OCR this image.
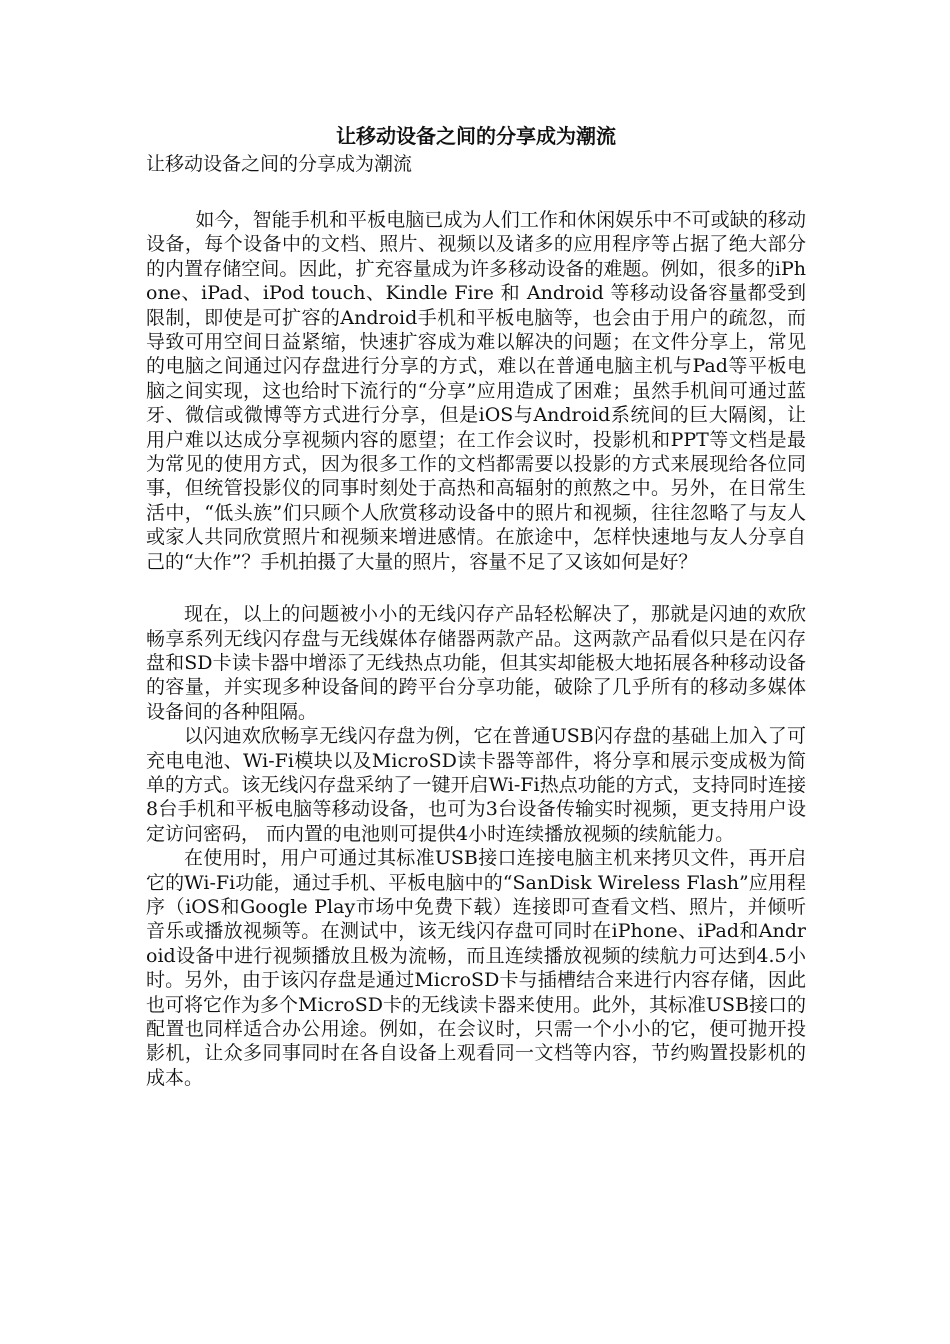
让移动设备之间的分享成为潮流

让移动设备之间的分享成为潮流

如今，智能手机和平板电脑已成为人们工作和休闲娱乐中不可或缺的移动设备，每个设备中的文档、照片、视频以及诸多的应用程序等占据了绝大部分的内置存储空间。因此，扩充容量成为许多移动设备的难题。例如，很多的iPhone、iPad、iPod touch、Kindle Fire 和 Android 等移动设备容量都受到限制，即使是可扩容的Android手机和平板电脑等，也会由于用户的疏忽，而导致可用空间日益紧缩，快速扩容成为难以解决的问题；在文件分享上，常见的电脑之间通过闪存盘进行分享的方式，难以在普通电脑主机与Pad等平板电脑之间实现，这也给时下流行的“分享”应用造成了困难；虽然手机间可通过蓝牙、微信或微博等方式进行分享，但是iOS与Android系统间的巨大隔阂，让用户难以达成分享视频内容的愿望；在工作会议时，投影机和PPT等文档是最为常见的使用方式，因为很多工作的文档都需要以投影的方式来展现给各位同事，但统管投影仪的同事时刻处于高热和高辐射的煎熬之中。另外，在日常生活中，“低头族”们只顾个人欣赏移动设备中的照片和视频，往往忽略了与友人或家人共同欣赏照片和视频来增进感情。在旅途中，怎样快速地与友人分享自己的“大作”？手机拍摄了大量的照片，容量不足了又该如何是好？

现在，以上的问题被小小的无线闪存产品轻松解决了，那就是闪迪的欢欣畅享系列无线闪存盘与无线媒体存储器两款产品。这两款产品看似只是在闪存盘和SD卡读卡器中增添了无线热点功能，但其实却能极大地拓展各种移动设备的容量，并实现多种设备间的跨平台分享功能，破除了几乎所有的移动多媒体设备间的各种阻隔。

以闪迪欢欣畅享无线闪存盘为例，它在普通USB闪存盘的基础上加入了可充电电池、Wi-Fi模块以及MicroSD读卡器等部件，将分享和展示变成极为简单的方式。该无线闪存盘采纳了一键开启Wi-Fi热点功能的方式，支持同时连接8台手机和平板电脑等移动设备，也可为3台设备传输实时视频，更支持用户设定访问密码， 而内置的电池则可提供4小时连续播放视频的续航能力。

在使用时，用户可通过其标准USB接口连接电脑主机来拷贝文件，再开启它的Wi-Fi功能，通过手机、平板电脑中的“SanDisk Wireless Flash”应用程序（iOS和Google Play市场中免费下载）连接即可查看文档、照片，并倾听音乐或播放视频等。在测试中，该无线闪存盘可同时在iPhone、iPad和Android设备中进行视频播放且极为流畅，而且连续播放视频的续航力可达到4.5小时。另外，由于该闪存盘是通过MicroSD卡与插槽结合来进行内容存储，因此也可将它作为多个MicroSD卡的无线读卡器来使用。此外，其标准USB接口的配置也同样适合办公用途。例如，在会议时，只需一个小小的它，便可抛开投影机，让众多同事同时在各自设备上观看同一文档等内容，节约购置投影机的成本。
